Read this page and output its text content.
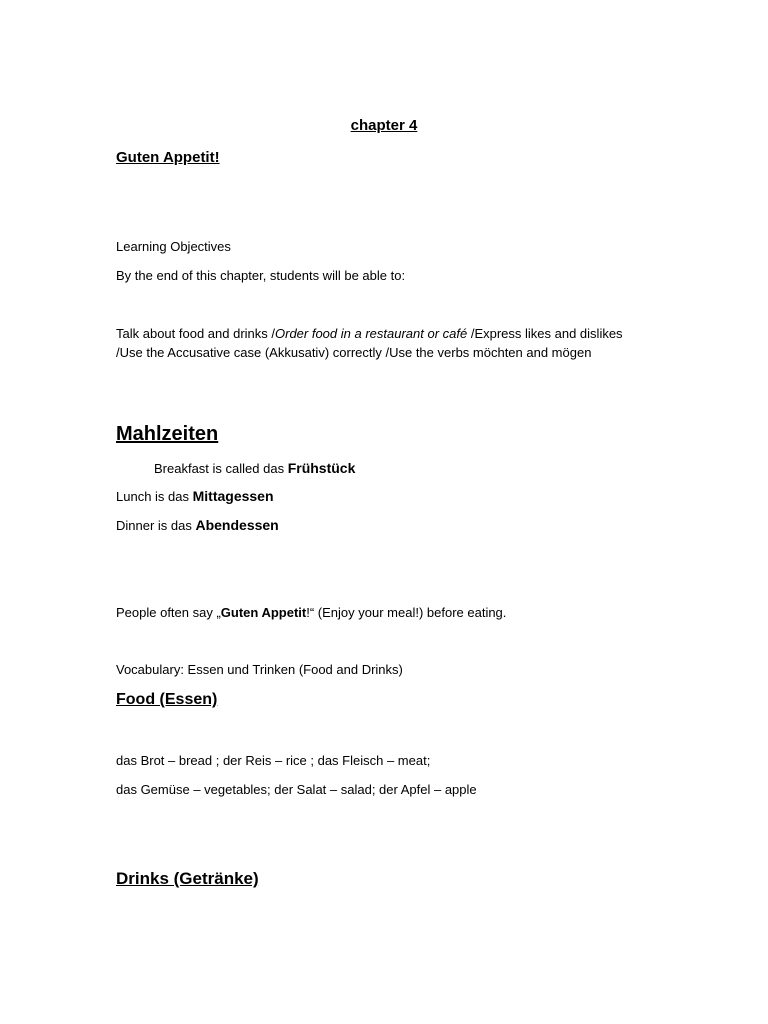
chapter 4
Guten Appetit!
Learning Objectives
By the end of this chapter, students will be able to:
Talk about food and drinks /Order food in a restaurant or café /Express likes and dislikes /Use the Accusative case (Akkusativ) correctly /Use the verbs möchten and mögen
Mahlzeiten
Breakfast is called das Frühstück
Lunch is das Mittagessen
Dinner is das Abendessen
People often say „Guten Appetit!“ (Enjoy your meal!) before eating.
Vocabulary: Essen und Trinken (Food and Drinks)
Food (Essen)
das Brot – bread ; der Reis – rice ; das Fleisch – meat;
das Gemüse – vegetables; der Salat – salad; der Apfel – apple
Drinks (Getränke)
